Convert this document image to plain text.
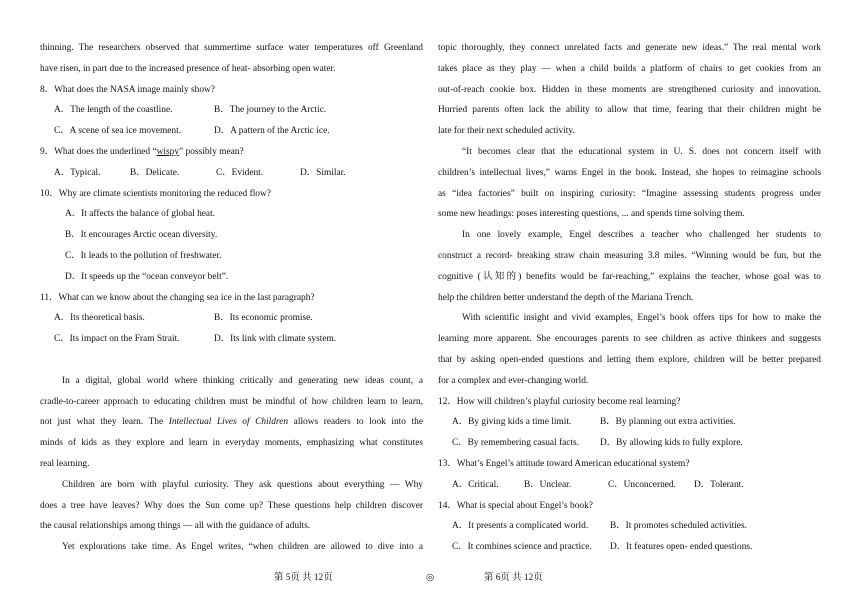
thinning. The researchers observed that summertime surface water temperatures off Greenland
have risen, in part due to the increased presence of heat- absorbing open water.
8．What does the NASA image mainly show?
A．The length of the coastline.	B．The journey to the Arctic.
C．A scene of sea ice movement.	D．A pattern of the Arctic ice.
9．What does the underlined “wispy” possibly mean?
A．Typical.	B．Delicate.	C．Evident.	D．Similar.
10．Why are climate scientists monitoring the reduced flow?
A．It affects the balance of global heat.
B．It encourages Arctic ocean diversity.
C．It leads to the pollution of freshwater.
D．It speeds up the “ocean conveyor belt”.
11．What can we know about the changing sea ice in the last paragraph?
A．Its theoretical basis.	B．Its economic promise.
C．Its impact on the Fram Strait.	D．Its link with climate system.
In a digital, global world where thinking critically and generating new ideas count, a
cradle-to-career approach to educating children must be mindful of how children learn to learn,
not just what they learn. The Intellectual Lives of Children allows readers to look into the
minds of kids as they explore and learn in everyday moments, emphasizing what constitutes
real learning.
Children are born with playful curiosity. They ask questions about everything — Why
does a tree have leaves? Why does the Sun come up? These questions help children discover
the causal relationships among things — all with the guidance of adults.
Yet explorations take time. As Engel writes, “when children are allowed to dive into a
topic thoroughly, they connect unrelated facts and generate new ideas.” The real mental work
takes place as they play — when a child builds a platform of chairs to get cookies from an
out-of-reach cookie box. Hidden in these moments are strengthened curiosity and innovation.
Hurried parents often lack the ability to allow that time, fearing that their children might be
late for their next scheduled activity.
“It becomes clear that the educational system in U. S. does not concern itself with
children’s intellectual lives,” warns Engel in the book. Instead, she hopes to reimagine schools
as “idea factories” built on inspiring curiosity: “Imagine assessing students progress under
some new headings: poses interesting questions, ... and spends time solving them.
In one lovely example, Engel describes a teacher who challenged her students to
construct a record- breaking straw chain measuring 3.8 miles. “Winning would be fun, but the
cognitive (认知的) benefits would be far-reaching,” explains the teacher, whose goal was to
help the children better understand the depth of the Mariana Trench.
With scientific insight and vivid examples, Engel’s book offers tips for how to make the
learning more apparent. She encourages parents to see children as active thinkers and suggests
that by asking open-ended questions and letting them explore, children will be better prepared
for a complex and ever-changing world.
12．How will children’s playful curiosity become real learning?
A．By giving kids a time limit.	B．By planning out extra activities.
C．By remembering casual facts. D．By allowing kids to fully explore.
13．What’s Engel’s attitude toward American educational system?
A．Critical.	B．Unclear.	C．Unconcerned. D．Tolerant.
14．What is special about Engel’s book?
A．It presents a complicated world. B．It promotes scheduled activities.
C．It combines science and practice. D．It features open- ended questions.
第 5页 共 12页	◎	第 6页 共 12页
